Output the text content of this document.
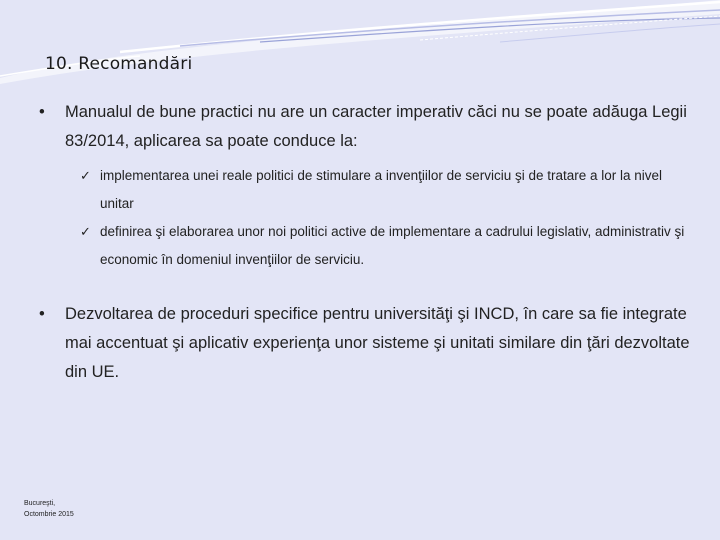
10. Recomandări
• Manualul de bune practici nu are un caracter imperativ căci nu se poate adăuga Legii 83/2014, aplicarea sa poate conduce la:
✓ implementarea unei reale politici de stimulare a invenţiilor de serviciu şi de tratare a lor la nivel unitar
✓ definirea şi elaborarea unor noi politici active de implementare a cadrului legislativ, administrativ şi economic în domeniul invenţiilor de serviciu.
• Dezvoltarea de proceduri specifice pentru universităţi şi INCD, în care sa fie integrate mai accentuat şi aplicativ experienţa unor sisteme şi unitati similare din ţări dezvoltate din UE.
Bucureşti,
Octombrie 2015
